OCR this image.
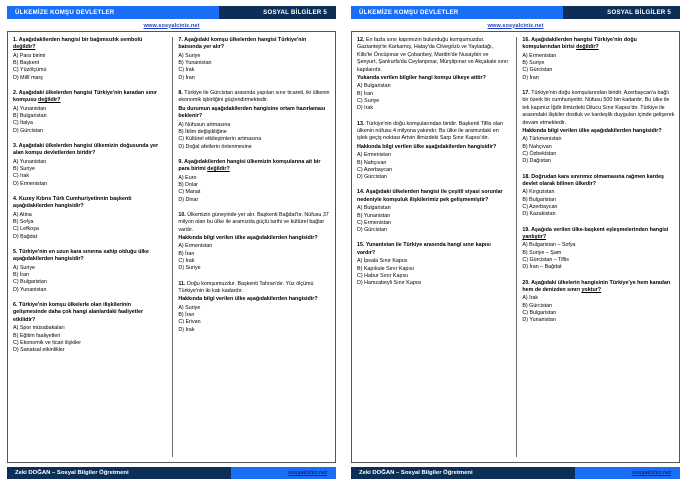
ÜLKEMİZE KOMŞU DEVLETLER	SOSYAL BİLGİLER 5
www.sosyalciniz.net

1. Aşağıdakilerden hangisi bir bağımsızlık sembolü değildir?

A) Para birimi

B) Başkent

C) Yüzölçümü

D) Millî marş

2. Aşağıdaki ülkelerden hangisi Türkiye'nin karadan sınır komşusu değildir?

A) Yunanistan

B) Bulgaristan

C) İtalya

D) Gürcistan

3. Aşağıdaki ülkelerden hangisi ülkemizin doğusunda yer alan komşu devletlerden biridir?

A) Yunanistan

B) Suriye

C) Irak

D) Ermenistan

4. Kuzey Kıbrıs Türk Cumhuriyetinnin başkenti aşağıdakilerden hangisidir?

A) Atina

B) Sofya

C) Lefkoşa

D) Bağdat

5. Türkiye'nin en uzun kara sınırına sahip olduğu ülke aşağıdakilerden hangisidir?

A) Suriye

B) İran

C) Bulgaristan

D) Yunanistan

6. Türkiye'nin komşu ülkelerle olan ilişkilerinin gelişmesinde daha çok hangi alanlardaki faaliyetler etkilidir?

A) Spor müsabakaları

B) Eğitim faaliyetleri

C) Ekonomik ve ticari ilişkiler

D) Sanatsal etkinlikler

7. Aşağıdaki komşu ülkelerden hangisi Türkiye'nin batısında yer alır?

A) Suriye

B) Yunanistan

C) Irak

D) İran

8. Türkiye ile Gürcistan arasında yapılan sınır ticareti, iki ülkenin ekonomik işbirliğini güçlendirmektedir.

Bu durumun aşağıdakilerden hangisine ortam hazırlaması beklenir?

A) Nüfusun artmasına

B) İklim değişikliğine

C) Kültürel etkileşimlerin artmasına

D) Doğal afetlerin önlenmesine

9. Aşağıdakilerden hangisi ülkemizin komşularına ait bir para birimi değildir?

A) Euro

B) Dolar

C) Manat

D) Dinar

10. Ülkemizin güneyinde yer alır. Başkenti Bağdat'tır. Nüfusu 37 milyon olan bu ülke ile aramızda güçlü tarihi ve kültürel bağlar vardır.

Hakkında bilgi verilen ülke aşağıdakilerden hangisidir?

A) Ermenistan

B) İran

C) Irak

D) Suriye

11. Doğu komşumuzdur. Başkenti Tahran'dır. Yüz ölçümü Türkiye'nin iki katı kadardır.

Hakkında bilgi verilen ülke aşağıdakilerden hangisidir?

A) Suriye

B) İran

C) Erivan

D) Irak

Zeki DOĞAN – Sosyal Bilgiler Öğretmeni	sosyalciniz.net
ÜLKEMİZE KOMŞU DEVLETLER	SOSYAL BİLGİLER 5
www.sosyalciniz.net

12. En fazla sınır kapımızın bulunduğu komşumuzdur. Gaziantep'te Karkamış, Hatay'da Cilvegözü ve Yayladağı, Kilis'te Öncüpınar ve Çobanbey, Mardin'de Nusaybin ve Şenyurt, Şanlıurfa'da Ceylanpınar, Mürşitpınar ve Akçakale sınır kapılarıdır.

Yukarıda verilen bilgiler hangi komşu ülkeye aittir?

A) Bulgaristan

B) İran

C) Suriye

D) Irak

13. Türkiye'nin doğu komşularından biridir. Başkenti Tiflis olan ülkenin nüfusu 4 milyona yakındır. Bu ülke ile aramızdaki en işlek geçiş noktası Artvin ilimizdeki Sarp Sınır Kapısı'dır.

Hakkında bilgi verilen ülke aşağıdakilerden hangisidir?

A) Ermenistan

B) Nahçıvan

C) Azerbaycan

D) Gürcistan

14. Aşağıdaki ülkelerden hangisi ile çeşitli siyasi sorunlar nedeniyle komşuluk ilişkilerimiz pek gelişmemiştir?

A) Bulgaristan

B) Yunanistan

C) Ermenistan

D) Gürcistan

15. Yunanistan ile Türkiye arasında hangi sınır kapısı vardır?

A) İpsala Sınır Kapısı

B) Kapıkule Sınır Kapısı

C) Habur Sınır Kapısı

D) Hamzabeyli Sınır Kapısı

16. Aşağıdakilerden hangisi Türkiye'nin doğu komşularından birisi değildir?

A) Ermenistan

B) Suriye

C) Gürcistan

D) İran

17. Türkiye'nin doğu komşularından biridir. Azerbaycan'a bağlı bir özerk bir cumhuriyettir. Nüfusu 500 bin kadardır. Bu ülke ile tek kapımız İğdir ilimizdeki Dilucu Sınır Kapısı'dır. Türkiye ile arasındaki ilişkiler dostluk ve kardeşlik duyguları içinde gelişerek devam etmektedir.

Hakkında bilgi verilen ülke aşağıdakilerden hangisidir?

A) Türkmenistan

B) Nahçıvan

C) Özbekistan

D) Dağıstan

18. Doğrudan kara sınırımız olmamasına rağmen kardeş devlet olarak bilinen ülkedir?

A) Kırgızistan

B) Bulgaristan

C) Azerbaycan

D) Kazakistan

19. Aşağıda verilen ülke-başkent eşleşmelerinden hangisi yanlıştır?

A) Bulgaristan – Sofya

B) Suriye – Şam

C) Gürcistan – Tiflis

D) İran – Bağdat

20. Aşağıdaki ülkelerin hangisinin Türkiye'ye hem karadan hem de denizden sınırı yoktur?

A) Irak

B) Gürcistan

C) Bulgaristan

D) Yunanistan

Zeki DOĞAN – Sosyal Bilgiler Öğretmeni	sosyalciniz.net
